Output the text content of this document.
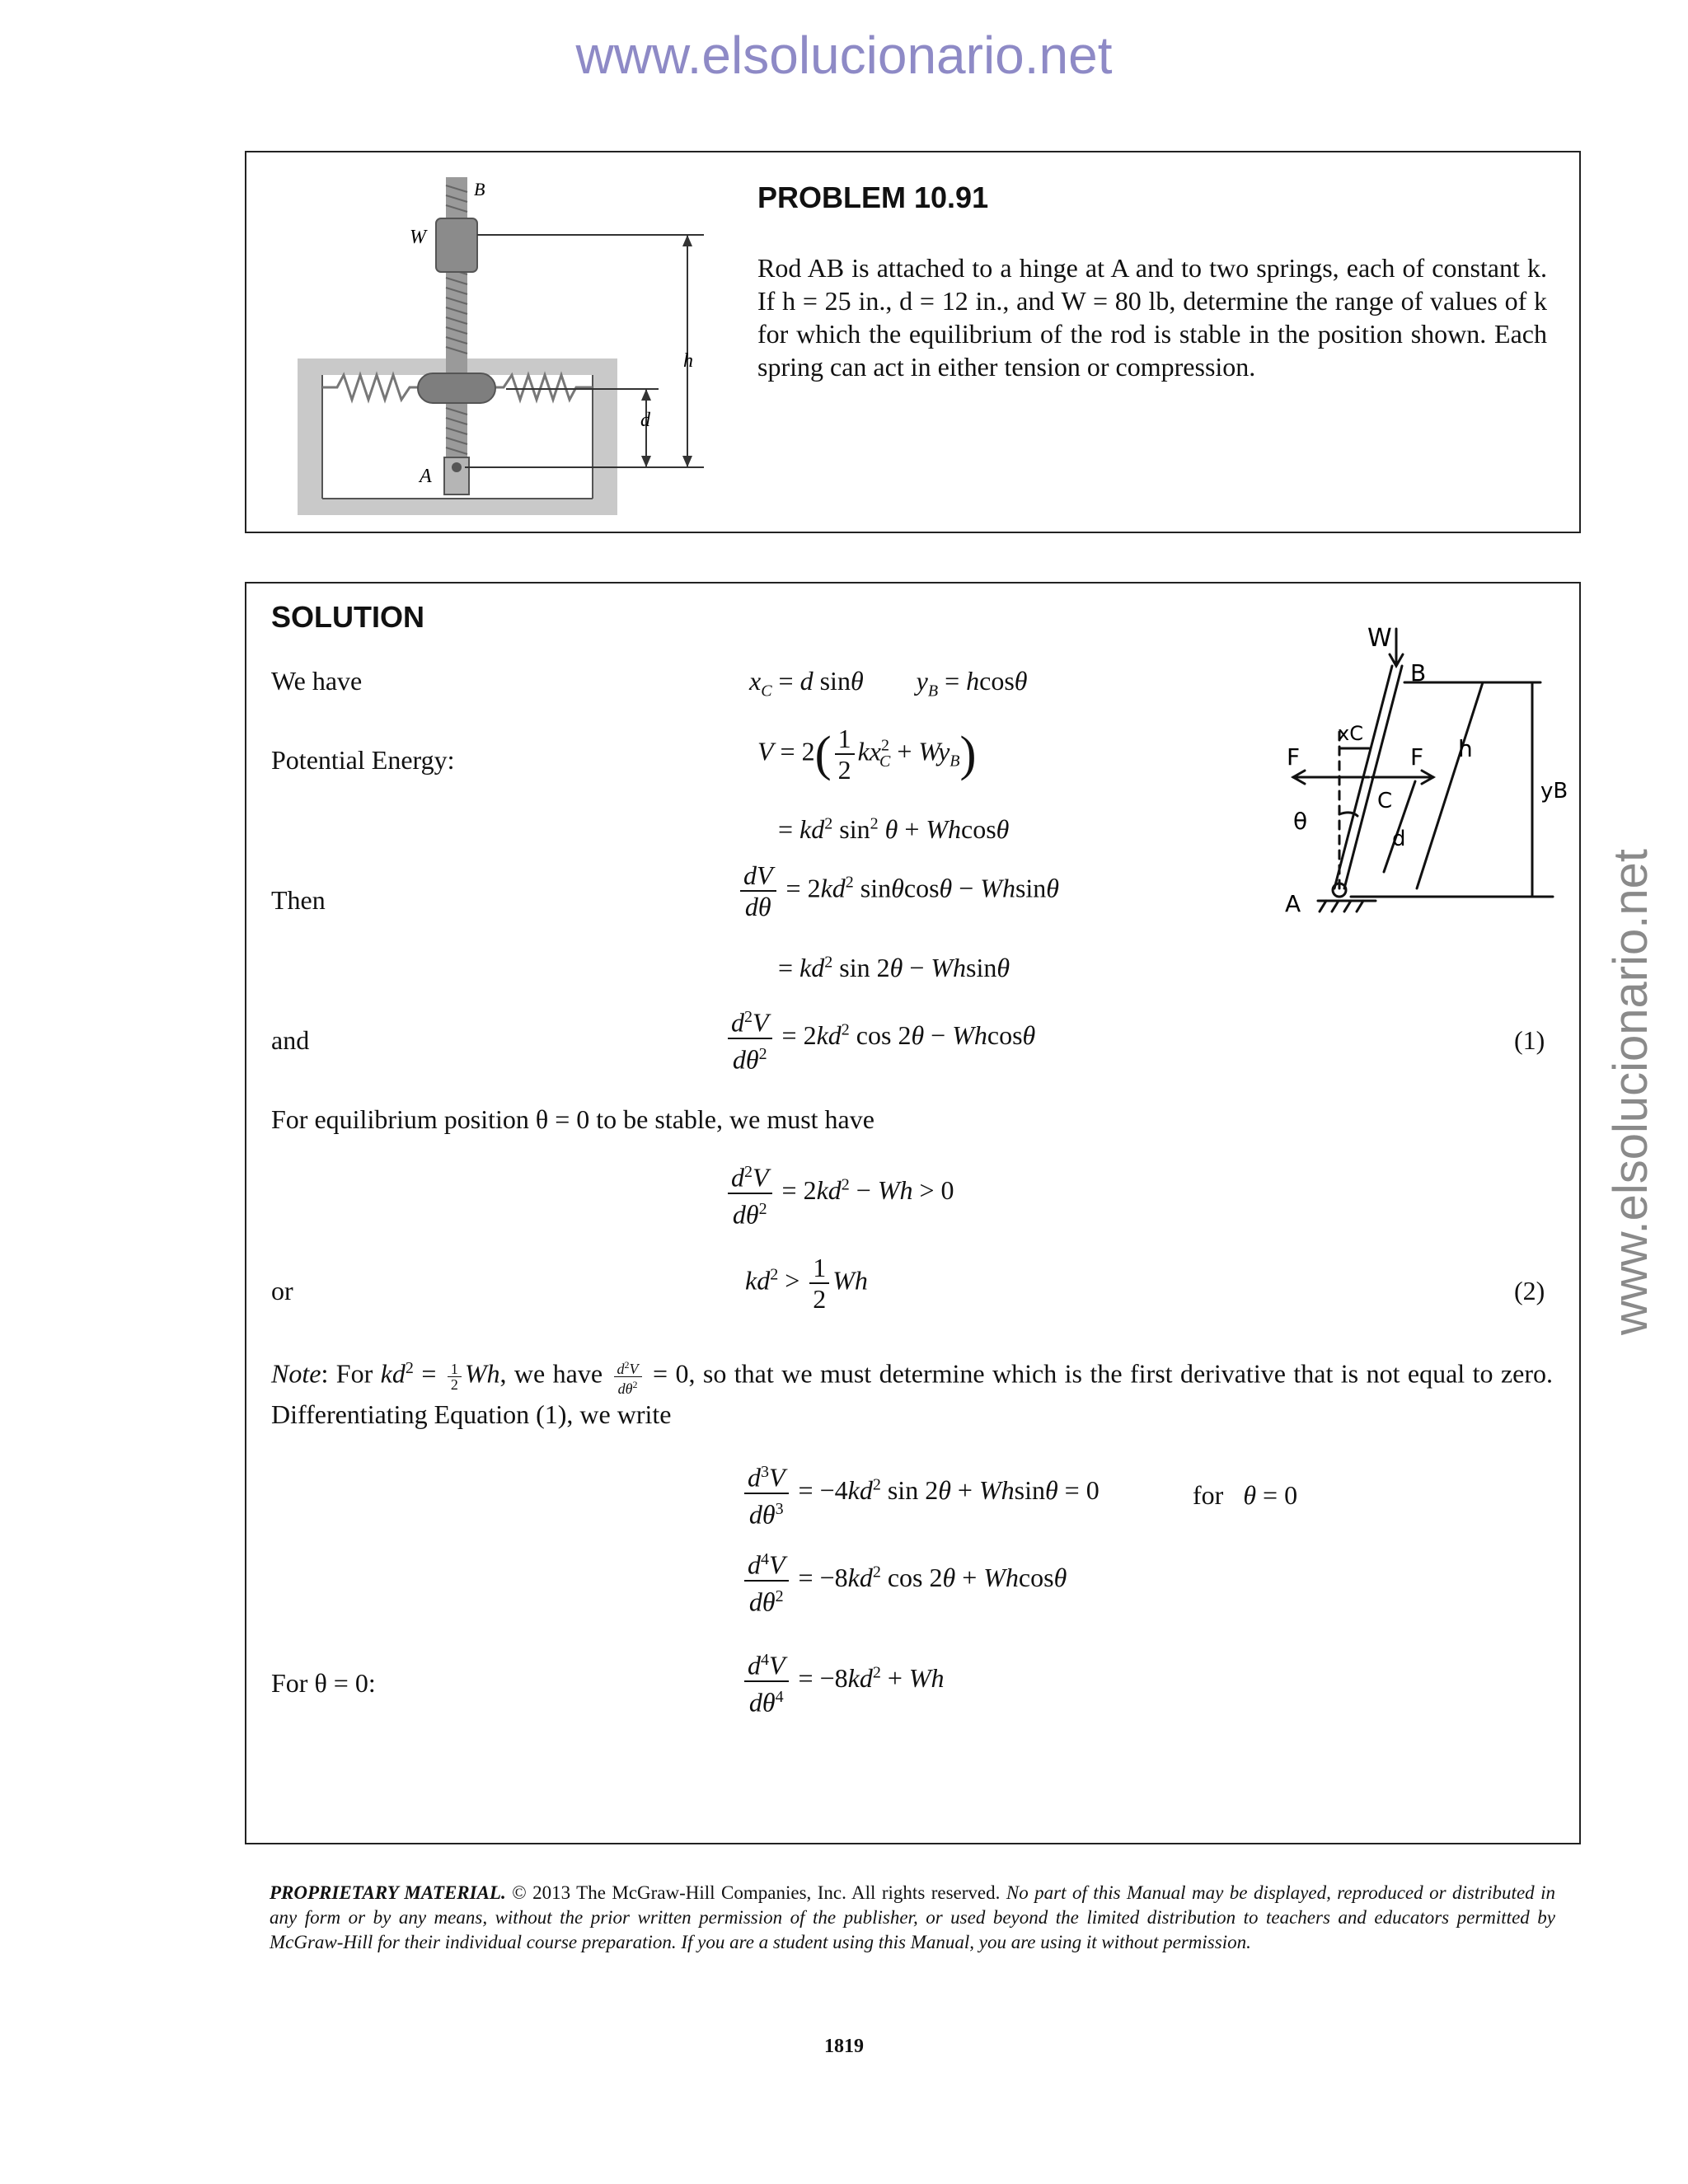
www.elsolucionario.net
www.elsolucionario.net
B
W
h
d
A
PROBLEM 10.91
Rod AB is attached to a hinge at A and to two springs, each of constant k. If h = 25 in., d = 12 in., and W = 80 lb, determine the range of values of k for which the equilibrium of the rod is stable in the position shown. Each spring can act in either tension or compression.
SOLUTION
W
B
xC
F	F
C
h
yB
θ
d
A
We have
Potential Energy:
Then
and
For equilibrium position θ = 0 to be stable, we must have
or
For θ = 0:
$x_C = d$ sinθ $y_B = hcos\theta$
$V = 2( \frac{1}{2} kx^2_C + Wy_B)$
= $kd^2$ $\sin^2 \theta + Whcos\theta$
$\frac{dV}{d\theta} = 2kd^2$ sinθcosθ − Whsinθ
= $kd^2$ sin 2θ − Whsinθ
$\frac{d^2V}{d\theta^2} = 2kd^2$ cos 2θ − Whcosθ	(1)
$\frac{d^2V}{d\theta^2} = 2kd^2 - Wh > 0$
$kd^2 > \frac{1}{2}$ Wh	(2)
Note: For $kd^2 = \frac{1}{2} Wh$, we have $\frac{d^2V}{d\theta^2} = 0$, so that we must determine which is the first derivative that is not equal to zero. Differentiating Equation (1), we write
$\frac{d^3V}{d\theta^3} = -4kd^2$ sin 2θ + Whsinθ = 0	for θ = 0
$\frac{d^4V}{d\theta^2} = -8kd^2$ cos 2θ + Whcosθ
$\frac{d^4V}{d\theta^4} = -8kd^2 + Wh$
PROPRIETARY MATERIAL. © 2013 The McGraw-Hill Companies, Inc. All rights reserved. No part of this Manual may be displayed, reproduced or distributed in any form or by any means, without the prior written permission of the publisher, or used beyond the limited distribution to teachers and educators permitted by McGraw-Hill for their individual course preparation. If you are a student using this Manual, you are using it without permission.
1819
